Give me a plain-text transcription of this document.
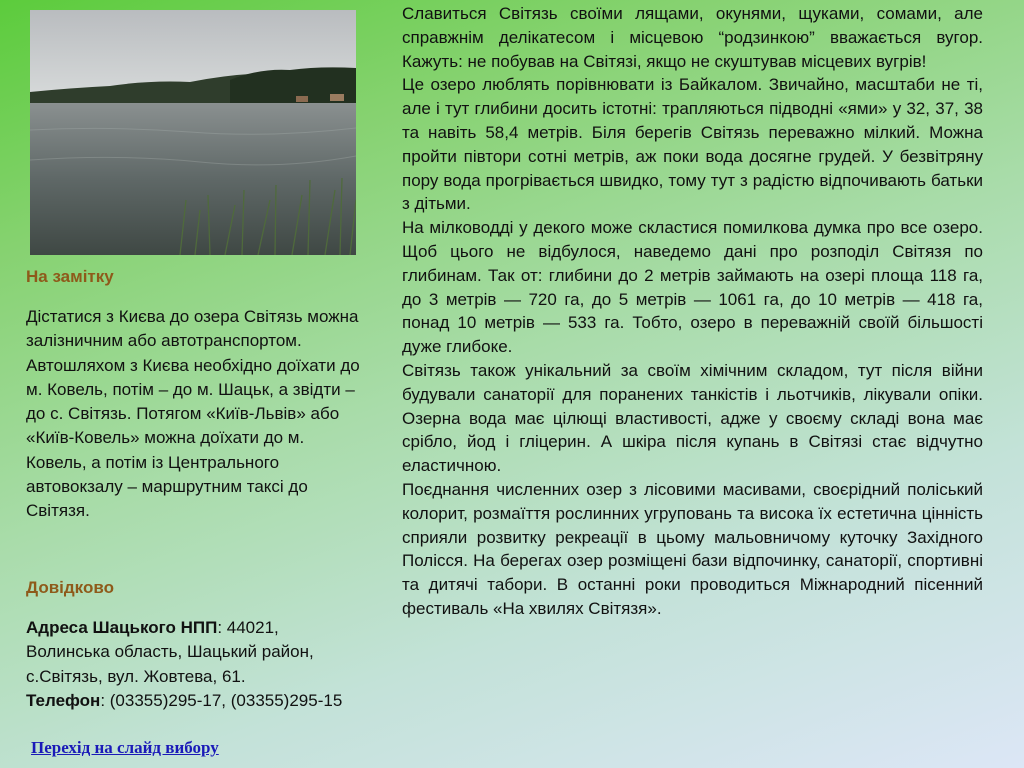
На замітку
Дістатися з Києва до озера Світязь можна залізничним або автотранспортом. Автошляхом з Києва необхідно доїхати до м. Ковель, потім – до м. Шацьк, а звідти – до с. Світязь. Потягом «Київ-Львів» або «Київ-Ковель» можна доїхати до м. Ковель, а потім із Центрального автовокзалу – маршрутним таксі до Світязя.
Довідково
Адреса Шацького НПП: 44021, Волинська область, Шацький район, с.Світязь, вул. Жовтева, 61.
Телефон: (03355)295-17, (03355)295-15
Перехід на слайд вибору

Славиться Світязь своїми лящами, окунями, щуками, сомами, але справжнім делікатесом і місцевою “родзинкою” вважається вугор. Кажуть: не побував на Світязі, якщо не скуштував місцевих вугрів!

Це озеро люблять порівнювати із Байкалом. Звичайно, масштаби не ті, але і тут глибини досить істотні: трапляються підводні «ями» у 32, 37, 38 та навіть 58,4 метрів. Біля берегів Світязь переважно мілкий. Можна пройти півтори сотні метрів, аж поки вода досягне грудей. У безвітряну пору вода прогрівається швидко, тому тут з радістю відпочивають батьки з дітьми.

На мілководді у декого може скластися помилкова думка про все озеро. Щоб цього не відбулося, наведемо дані про розподіл Світязя по глибинам. Так от: глибини до 2 метрів займають на озері площа 118 га, до 3 метрів — 720 га, до 5 метрів — 1061 га, до 10 метрів — 418 га, понад 10 метрів — 533 га. Тобто, озеро в переважній своїй більшості дуже глибоке.

Світязь також унікальний за своїм хімічним складом, тут після війни будували санаторії для поранених танкістів і льотчиків, лікували опіки. Озерна вода має цілющі властивості, адже у своєму складі вона має срібло, йод і гліцерин. А шкіра після купань в Світязі стає відчутно еластичною.

Поєднання численних озер з лісовими масивами, своєрідний поліський колорит, розмаїття рослинних угруповань та висока їх естетична цінність сприяли розвитку рекреації в цьому мальовничому куточку Західного Полісся. На берегах озер розміщені бази відпочинку, санаторії, спортивні та дитячі табори. В останні роки проводиться Міжнародний пісенний фестиваль «На хвилях Світязя».
